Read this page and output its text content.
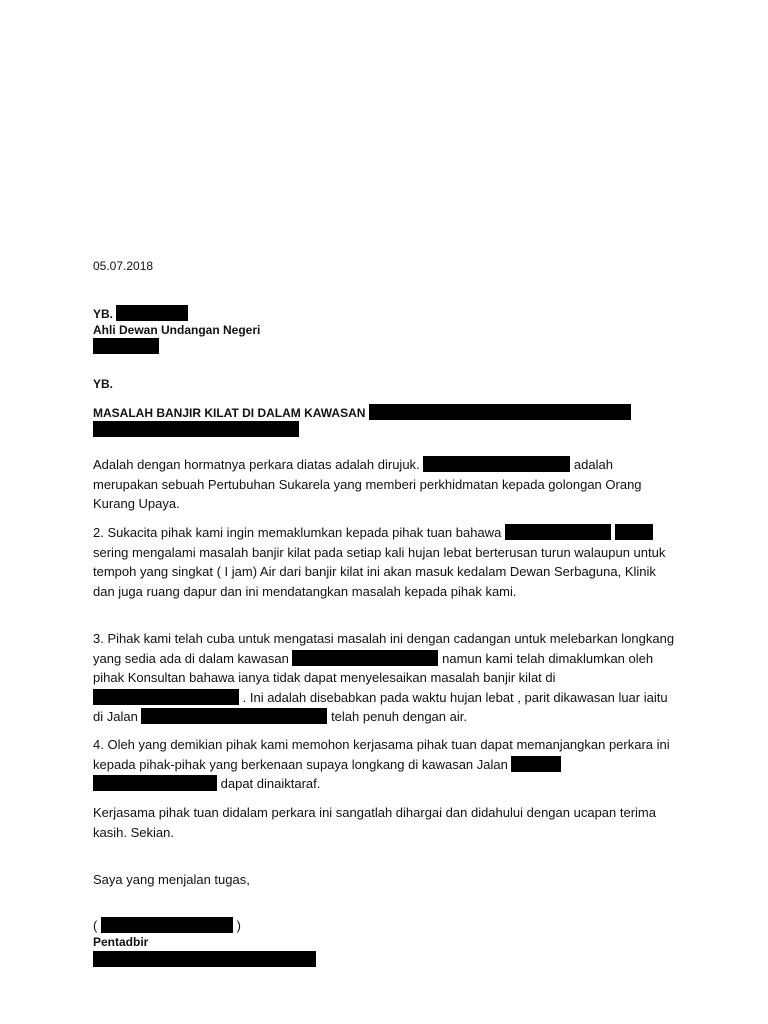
05.07.2018
YB.
Ahli Dewan Undangan Negeri
YB.
MASALAH BANJIR KILAT DI DALAM KAWASAN

Adalah dengan hormatnya perkara diatas adalah dirujuk.	adalah merupakan sebuah Pertubuhan Sukarela yang memberi perkhidmatan kepada golongan Orang Kurang Upaya.

2. Sukacita pihak kami ingin memaklumkan kepada pihak tuan bahawa   sering mengalami masalah banjir kilat pada setiap kali hujan lebat berterusan turun walaupun untuk tempoh yang singkat ( I jam) Air dari banjir kilat ini akan masuk kedalam Dewan Serbaguna, Klinik dan juga ruang dapur dan ini mendatangkan masalah kepada pihak kami.

3. Pihak kami telah cuba untuk mengatasi masalah ini dengan cadangan untuk melebarkan longkang yang sedia ada di dalam kawasan	namun kami telah dimaklumkan oleh pihak Konsultan bahawa ianya tidak dapat menyelesaikan masalah banjir kilat di  . Ini adalah disebabkan pada waktu hujan lebat , parit dikawasan luar iaitu di Jalan	telah penuh dengan air.

4. Oleh yang demikian pihak kami memohon kerjasama pihak tuan dapat memanjangkan perkara ini kepada pihak-pihak yang berkenaan supaya longkang di kawasan Jalan   dapat dinaiktaraf.

Kerjasama pihak tuan didalam perkara ini sangatlah dihargai dan didahului dengan ucapan terima kasih. Sekian.

Saya yang menjalan tugas,
(	)
Pentadbir
